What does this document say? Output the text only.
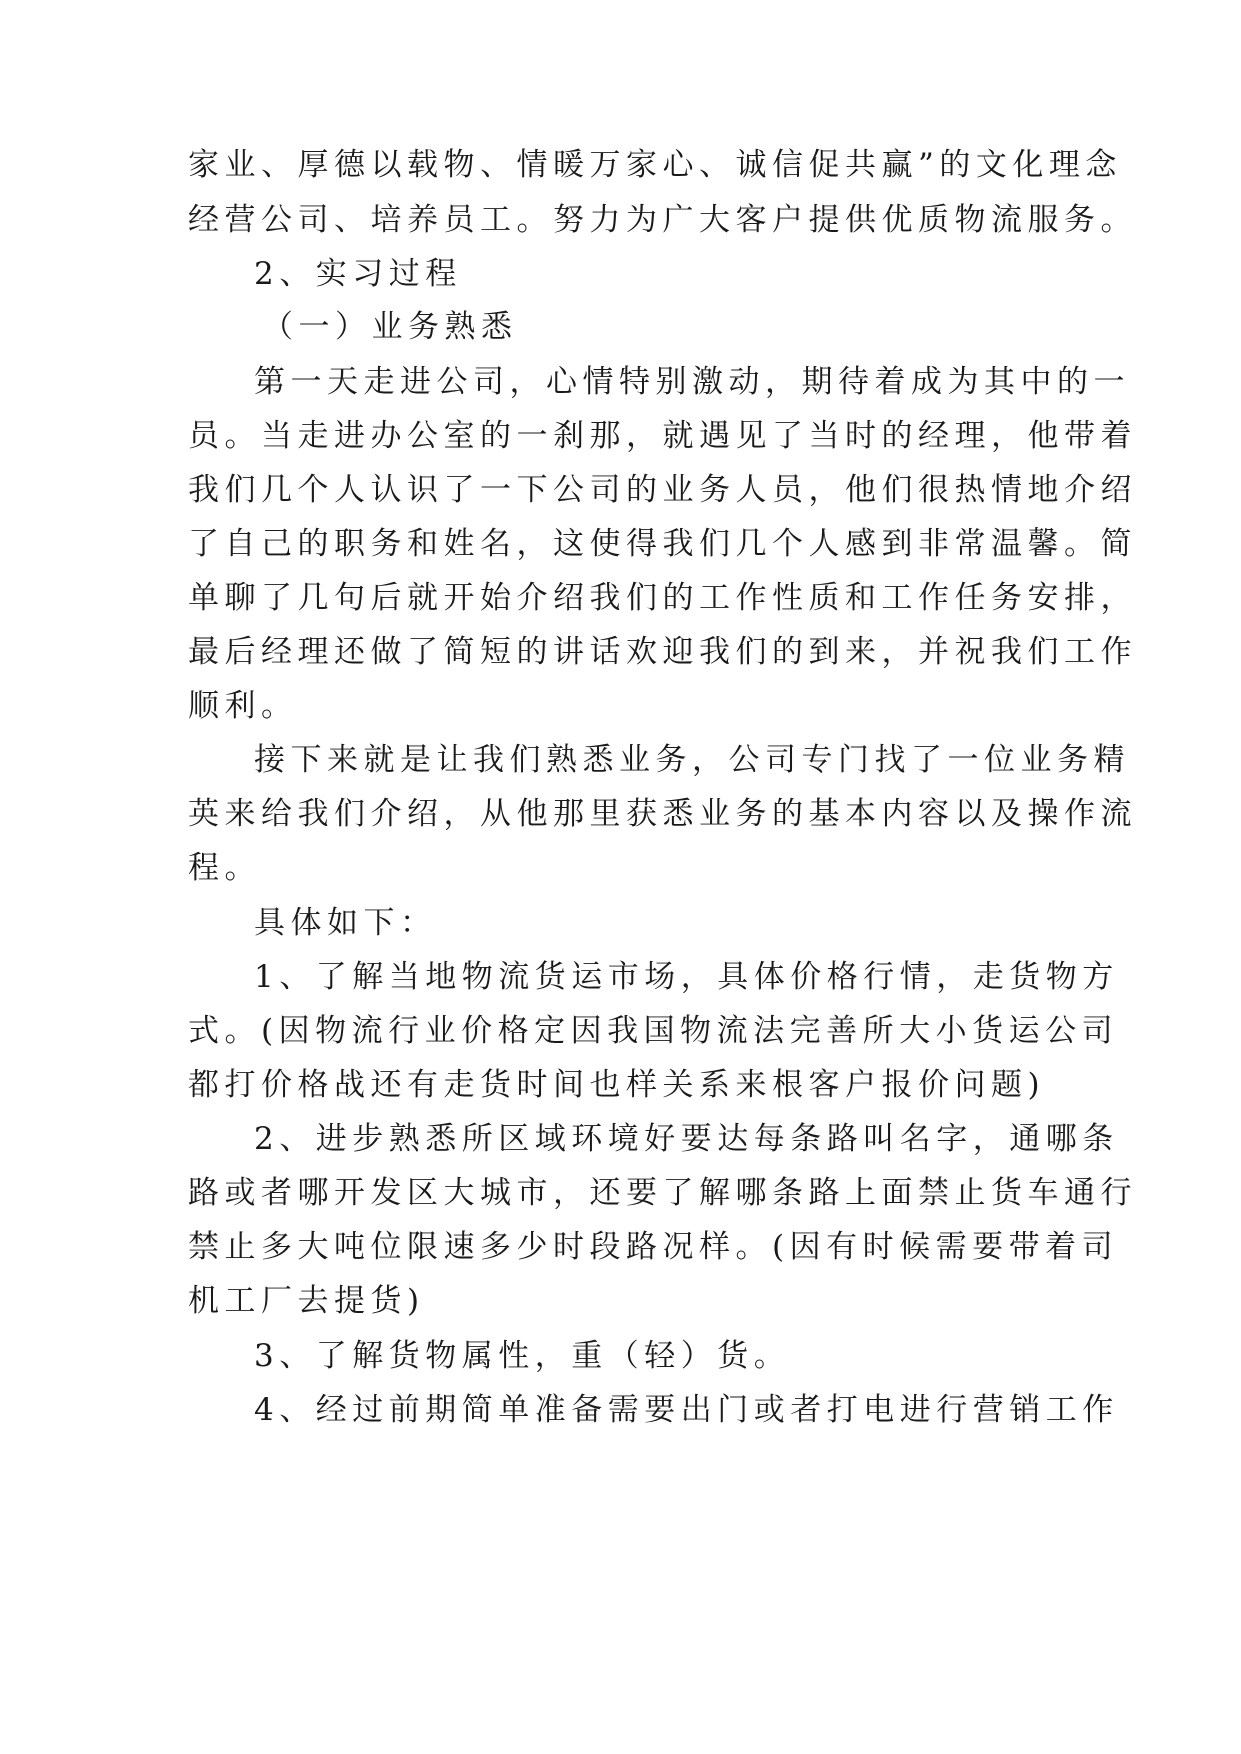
家业、厚德以载物、情暖万家心、诚信促共赢”的文化理念
经营公司、培养员工。努力为广大客户提供优质物流服务。
2、实习过程
（一）业务熟悉
第一天走进公司，心情特别激动，期待着成为其中的一
员。当走进办公室的一刹那，就遇见了当时的经理，他带着
我们几个人认识了一下公司的业务人员，他们很热情地介绍
了自己的职务和姓名，这使得我们几个人感到非常温馨。简
单聊了几句后就开始介绍我们的工作性质和工作任务安排，
最后经理还做了简短的讲话欢迎我们的到来，并祝我们工作
顺利。
接下来就是让我们熟悉业务，公司专门找了一位业务精
英来给我们介绍，从他那里获悉业务的基本内容以及操作流
程。
具体如下：
1、了解当地物流货运市场，具体价格行情，走货物方
式。(因物流行业价格定因我国物流法完善所大小货运公司
都打价格战还有走货时间也样关系来根客户报价问题)
2、进步熟悉所区域环境好要达每条路叫名字，通哪条
路或者哪开发区大城市，还要了解哪条路上面禁止货车通行
禁止多大吨位限速多少时段路况样。(因有时候需要带着司
机工厂去提货)
3、了解货物属性，重（轻）货。
4、经过前期简单准备需要出门或者打电进行营销工作
